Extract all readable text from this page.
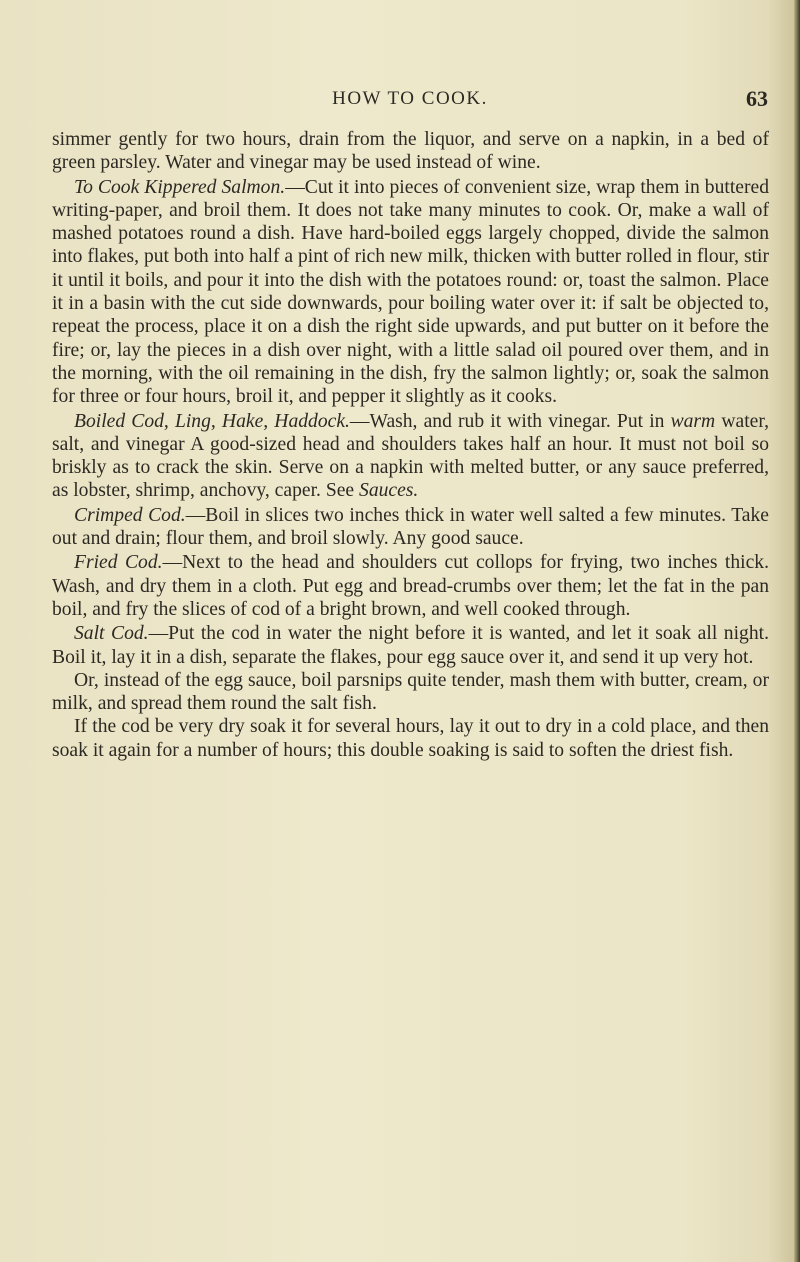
HOW TO COOK.	63

simmer gently for two hours, drain from the liquor, and serve on a napkin, in a bed of green parsley. Water and vinegar may be used instead of wine.

To Cook Kippered Salmon.—Cut it into pieces of convenient size, wrap them in buttered writing-paper, and broil them. It does not take many minutes to cook. Or, make a wall of mashed potatoes round a dish. Have hard-boiled eggs largely chopped, divide the salmon into flakes, put both into half a pint of rich new milk, thicken with butter rolled in flour, stir it until it boils, and pour it into the dish with the potatoes round: or, toast the salmon. Place it in a basin with the cut side downwards, pour boiling water over it: if salt be objected to, repeat the process, place it on a dish the right side upwards, and put butter on it before the fire; or, lay the pieces in a dish over night, with a little salad oil poured over them, and in the morning, with the oil remaining in the dish, fry the salmon lightly; or, soak the salmon for three or four hours, broil it, and pepper it slightly as it cooks.

Boiled Cod, Ling, Hake, Haddock.—Wash, and rub it with vinegar. Put in warm water, salt, and vinegar A good-sized head and shoulders takes half an hour. It must not boil so briskly as to crack the skin. Serve on a napkin with melted butter, or any sauce preferred, as lobster, shrimp, anchovy, caper. See Sauces.

Crimped Cod.—Boil in slices two inches thick in water well salted a few minutes. Take out and drain; flour them, and broil slowly. Any good sauce.

Fried Cod.—Next to the head and shoulders cut collops for frying, two inches thick. Wash, and dry them in a cloth. Put egg and bread-crumbs over them; let the fat in the pan boil, and fry the slices of cod of a bright brown, and well cooked through.

Salt Cod.—Put the cod in water the night before it is wanted, and let it soak all night. Boil it, lay it in a dish, separate the flakes, pour egg sauce over it, and send it up very hot.

Or, instead of the egg sauce, boil parsnips quite tender, mash them with butter, cream, or milk, and spread them round the salt fish.

If the cod be very dry soak it for several hours, lay it out to dry in a cold place, and then soak it again for a number of hours; this double soaking is said to soften the driest fish.
